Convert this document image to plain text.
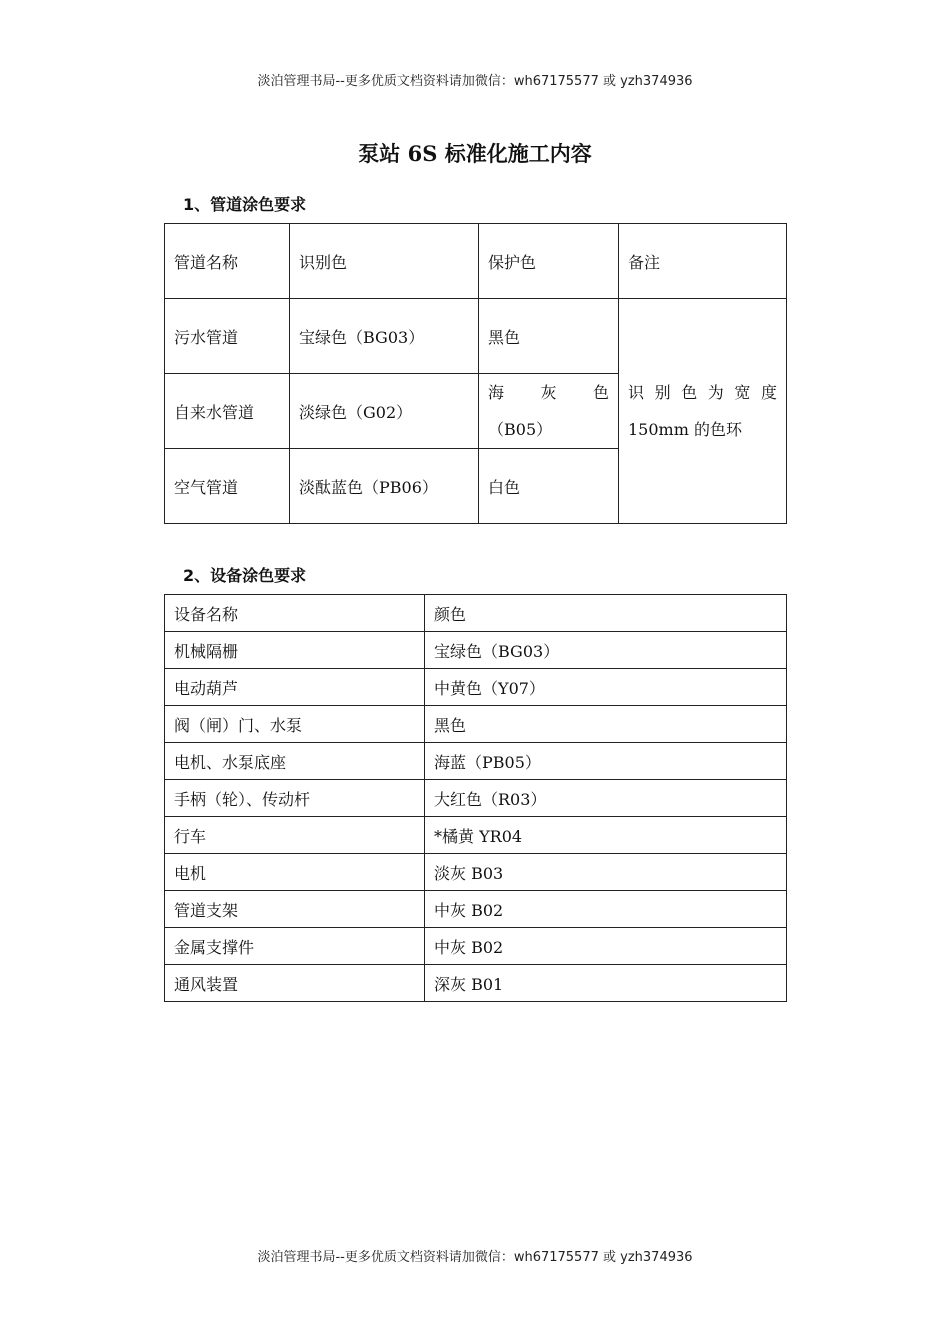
淡泊管理书局--更多优质文档资料请加微信：wh67175577 或 yzh374936
泵站 6S 标准化施工内容
1、管道涂色要求
管道名称	识别色	保护色	备注
污水管道	宝绿色（BG03）	黑色	识别色为宽度
150mm 的色环

自来水管道	淡绿色（G02）	海　灰　色
（B05）	

空气管道	淡酞蓝色（PB06）	白色	
2、设备涂色要求
设备名称	颜色
机械隔栅	宝绿色（BG03）
电动葫芦	中黄色（Y07）
阀（闸）门、水泵	黑色
电机、水泵底座	海蓝（PB05）
手柄（轮）、传动杆	大红色（R03）
行车	*橘黄 YR04
电机	淡灰 B03
管道支架	中灰 B02
金属支撑件	中灰 B02
通风装置	深灰 B01
淡泊管理书局--更多优质文档资料请加微信：wh67175577 或 yzh374936
